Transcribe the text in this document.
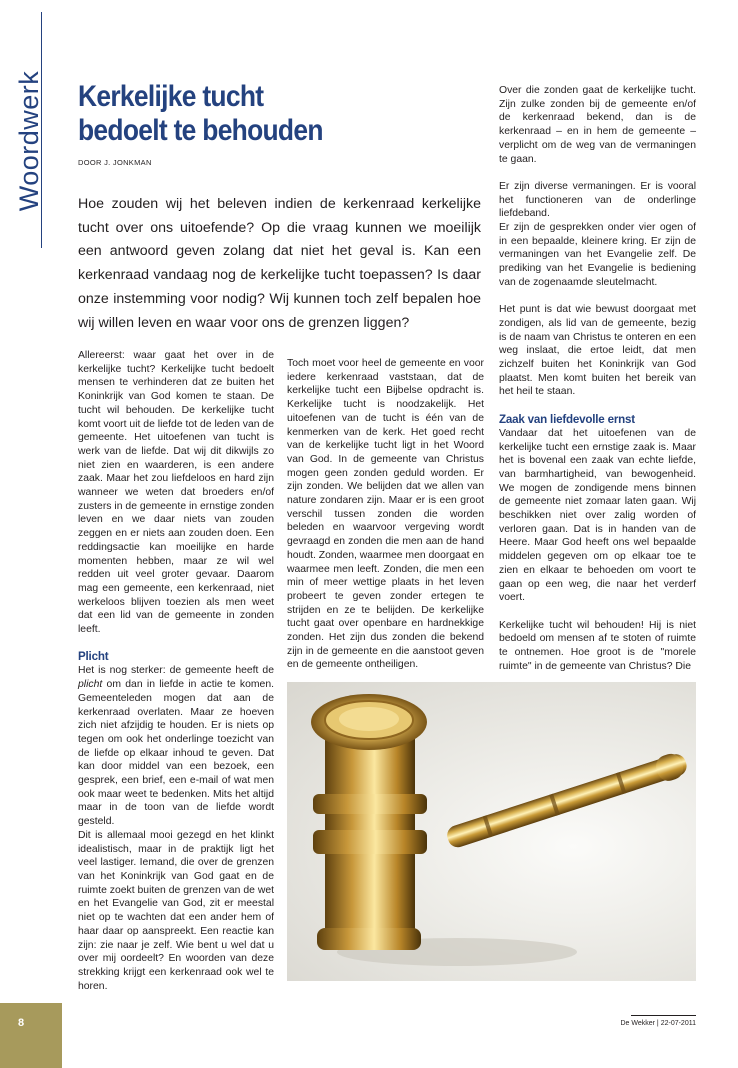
Woordwerk Kerkelijke tucht
bedoelt te behouden
DOOR J. JONKMAN
Hoe zouden wij het beleven indien de kerkenraad kerkelijke tucht over ons uitoefende? Op die vraag kunnen we moeilijk een antwoord geven zolang dat niet het geval is. Kan een kerkenraad vandaag nog de kerkelijke tucht toepassen? Is daar onze instemming voor nodig? Wij kunnen toch zelf bepalen hoe wij willen leven en waar voor ons de grenzen liggen?

Allereerst: waar gaat het over in de kerkelijke tucht? Kerkelijke tucht bedoelt mensen te verhinderen dat ze buiten het Koninkrijk van God komen te staan. De tucht wil behouden. De kerkelijke tucht komt voort uit de liefde tot de leden van de gemeente. Het uitoefenen van tucht is werk van de liefde. Dat wij dit dikwijls zo niet zien en waarderen, is een andere zaak. Maar het zou liefdeloos en hard zijn wanneer we weten dat broeders en/of zusters in de gemeente in ernstige zonden leven en we daar niets van zouden zeggen en er niets aan zouden doen. Een reddingsactie kan moeilijke en harde momenten hebben, maar ze wil wel redden uit veel groter gevaar. Daarom mag een gemeente, een kerkenraad, niet werkeloos blijven toezien als men weet dat een lid van de gemeente in zonden leeft.

Plicht

Het is nog sterker: de gemeente heeft de plicht om dan in liefde in actie te komen. Gemeenteleden mogen dat aan de kerkenraad overlaten. Maar ze hoeven zich niet afzijdig te houden. Er is niets op tegen om ook het onderlinge toezicht van de liefde op elkaar inhoud te geven. Dat kan door middel van een bezoek, een gesprek, een brief, een e-mail of wat men ook maar weet te bedenken. Mits het altijd maar in de toon van de liefde wordt gesteld.

Dit is allemaal mooi gezegd en het klinkt idealistisch, maar in de praktijk ligt het veel lastiger. Iemand, die over de grenzen van het Koninkrijk van God gaat en de ruimte zoekt buiten de grenzen van de wet en het Evangelie van God, zit er meestal niet op te wachten dat een ander hem of haar daar op aanspreekt. Een reactie kan zijn: zie naar je zelf. Wie bent u wel dat u over mij oordeelt? En woorden van deze strekking krijgt een kerkenraad ook wel te horen.

Toch moet voor heel de gemeente en voor iedere kerkenraad vaststaan, dat de kerkelijke tucht een Bijbelse opdracht is. Kerkelijke tucht is noodzakelijk. Het uitoefenen van de tucht is één van de kenmerken van de kerk. Het goed recht van de kerkelijke tucht ligt in het Woord van God. In de gemeente van Christus mogen geen zonden geduld worden. Er zijn zonden. We belijden dat we allen van nature zondaren zijn. Maar er is een groot verschil tussen zonden die worden beleden en waarvoor vergeving wordt gevraagd en zonden die men aan de hand houdt. Zonden, waarmee men doorgaat en waarmee men leeft. Zonden, die men een min of meer wettige plaats in het leven probeert te geven zonder ertegen te strijden en ze te belijden. De kerkelijke tucht gaat over openbare en hardnekkige zonden. Het zijn dus zonden die bekend zijn in de gemeente en die aanstoot geven en de gemeente ontheiligen.

Over die zonden gaat de kerkelijke tucht. Zijn zulke zonden bij de gemeente en/of de kerkenraad bekend, dan is de kerkenraad – en in hem de gemeente – verplicht om de weg van de vermaningen te gaan.

Er zijn diverse vermaningen. Er is vooral het functioneren van de onderlinge liefdeband.

Er zijn de gesprekken onder vier ogen of in een bepaalde, kleinere kring. Er zijn de vermaningen van het Evangelie zelf. De prediking van het Evangelie is bediening van de zogenaamde sleutelmacht.

Het punt is dat wie bewust doorgaat met zondigen, als lid van de gemeente, bezig is de naam van Christus te onteren en een weg inslaat, die ertoe leidt, dat men zichzelf buiten het Koninkrijk van God plaatst. Men komt buiten het bereik van het heil te staan.

Zaak van liefdevolle ernst

Vandaar dat het uitoefenen van de kerkelijke tucht een ernstige zaak is. Maar het is bovenal een zaak van echte liefde, van barmhartigheid, van bewogenheid. We mogen de zondigende mens binnen de gemeente niet zomaar laten gaan. Wij beschikken niet over zalig worden of verloren gaan. Dat is in handen van de Heere. Maar God heeft ons wel bepaalde middelen gegeven om op elkaar toe te zien en elkaar te behoeden om voort te gaan op een weg, die naar het verderf voert.

Kerkelijke tucht wil behouden! Hij is niet bedoeld om mensen af te stoten of ruimte te ontnemen. Hoe groot is de "morele ruimte" in de gemeente van Christus? Die

8	De Wekker | 22-07-2011
